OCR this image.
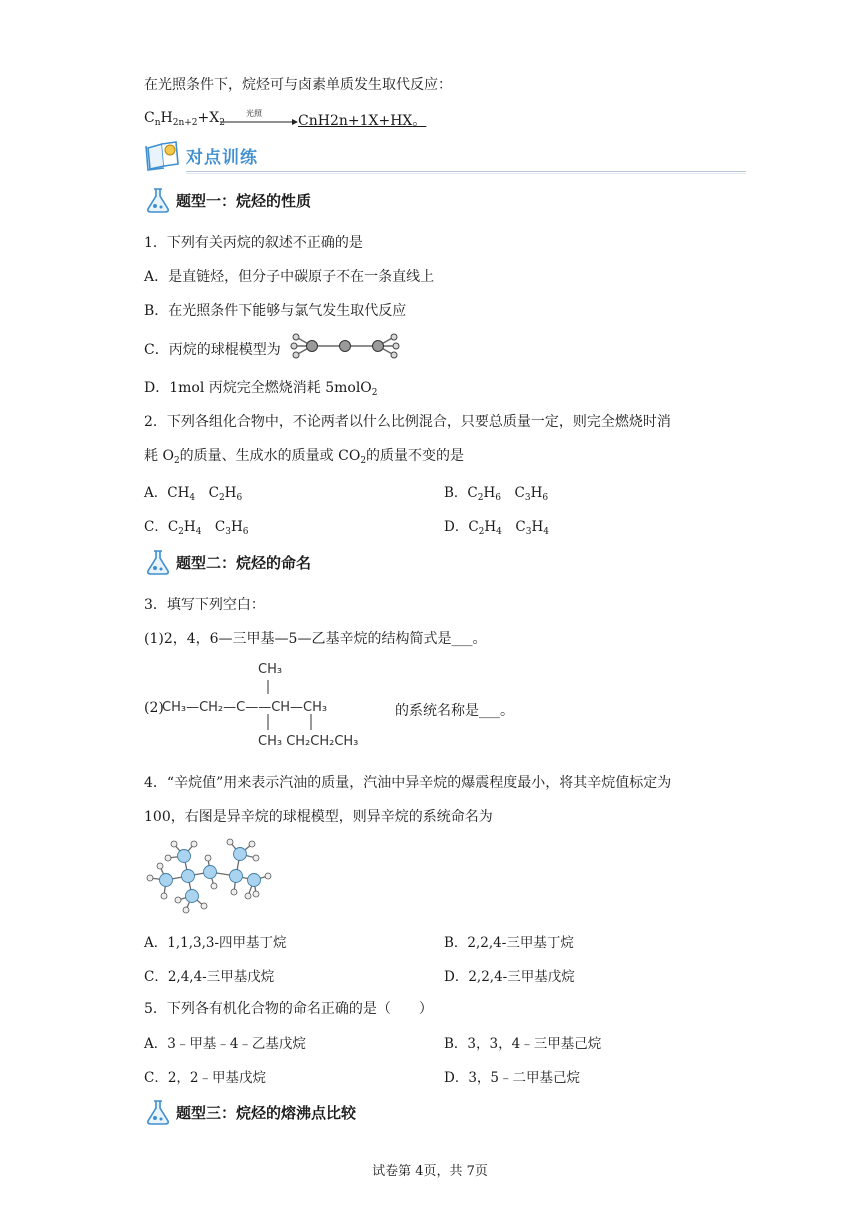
在光照条件下，烷烃可与卤素单质发生取代反应：
$C_nH_{2n+2}+X_2$
光照	CnH2n+1X+HX。
对点训练
题型一：烷烃的性质
1．下列有关丙烷的叙述不正确的是
A．是直链烃，但分子中碳原子不在一条直线上
B．在光照条件下能够与氯气发生取代反应
C．丙烷的球棍模型为
D．1mol 丙烷完全燃烧消耗 5molO$_2$
2．下列各组化合物中，不论两者以什么比例混合，只要总质量一定，则完全燃烧时消
耗 $O_2$的质量、生成水的质量或 $CO_2$的质量不变的是
A．$CH_4$　$C_2H_6$	B．$C_2H_6$　$C_3H_6$
C．$C_2H_4$　$C_3H_6$	D．$C_2H_4$　$C_3H_4$
题型二：烷烃的命名
3．填写下列空白：
(1)2，4，6—三甲基—5—乙基辛烷的结构简式是___。
(2)
CH₃
CH₃—CH₂—C——CH—CH₃
CH₃ CH₂CH₂CH₃
的系统名称是___。
4．“辛烷值”用来表示汽油的质量，汽油中异辛烷的爆震程度最小，将其辛烷值标定为
100，右图是异辛烷的球棍模型，则异辛烷的系统命名为
A．1,1,3,3-四甲基丁烷	B．2,2,4-三甲基丁烷
C．2,4,4-三甲基戊烷	D．2,2,4-三甲基戊烷
5．下列各有机化合物的命名正确的是（　　）
A．3﹣甲基﹣4﹣乙基戊烷	B．3，3，4﹣三甲基己烷
C．2，2﹣甲基戊烷	D．3，5﹣二甲基己烷
题型三：烷烃的熔沸点比较
试卷第 4页，共 7页
